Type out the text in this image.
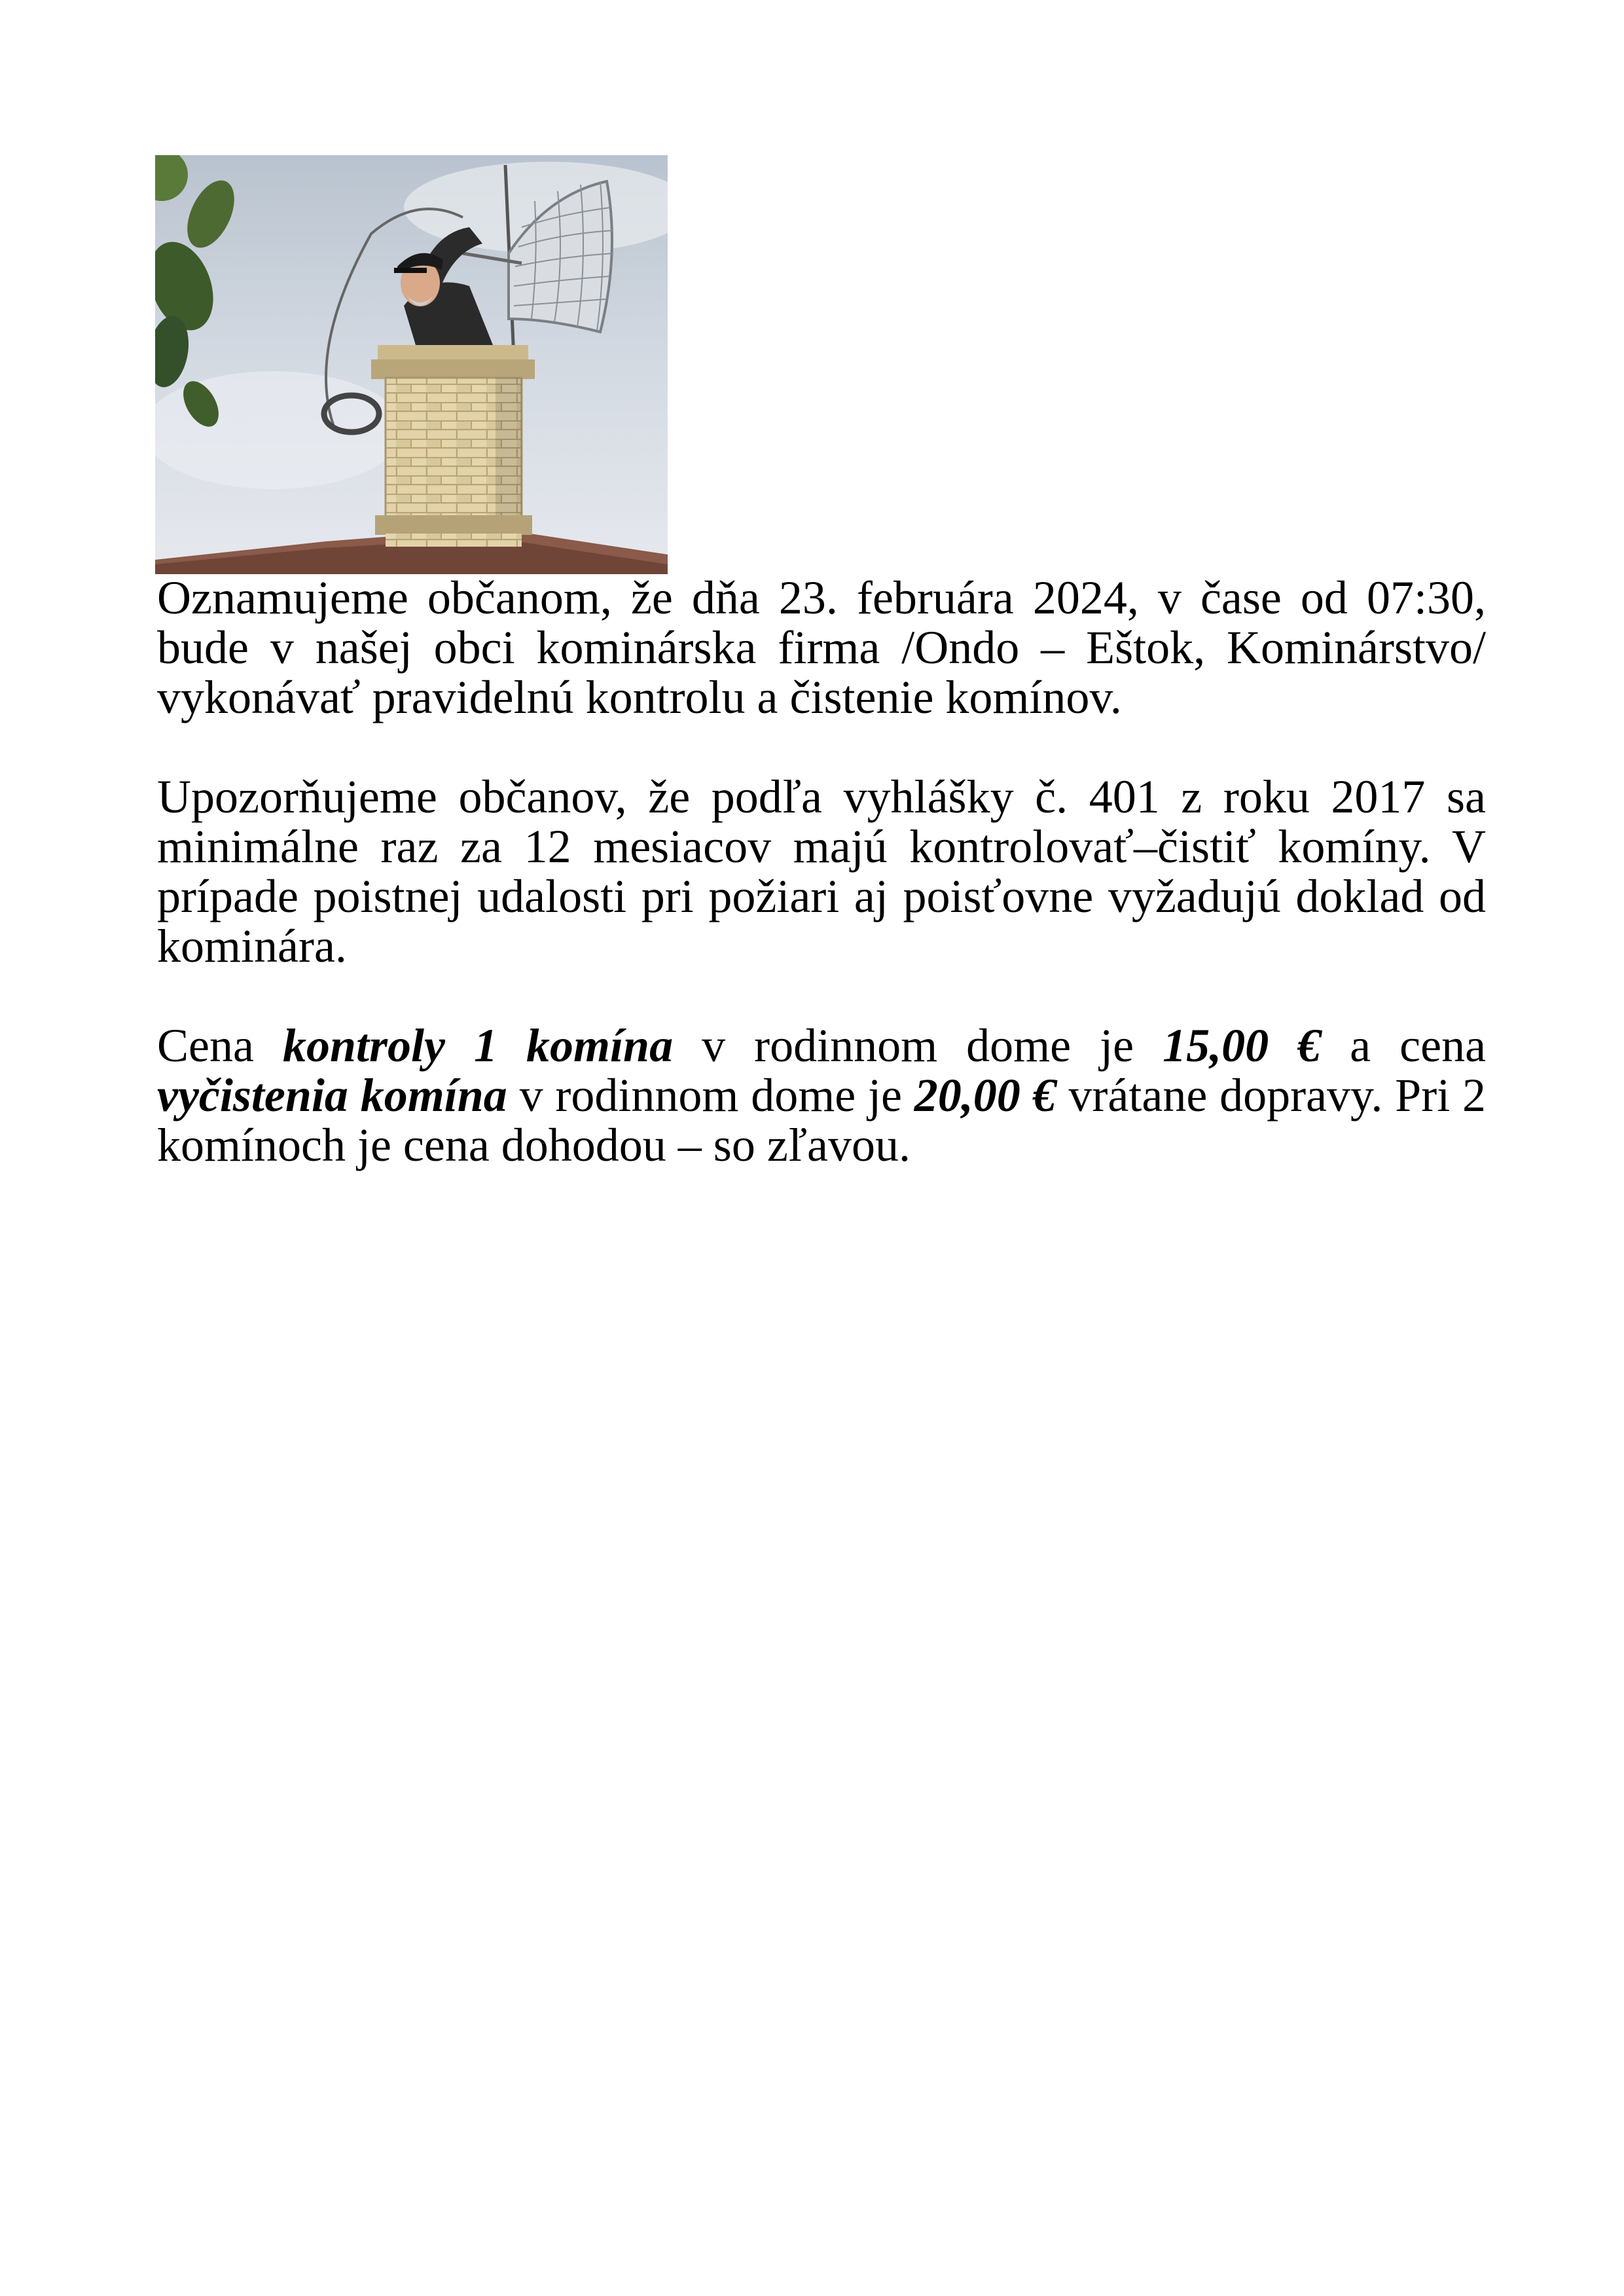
Oznamujeme občanom, že dňa 23. februára 2024, v čase od 07:30, bude v našej obci kominárska firma /Ondo – Eštok, Kominárstvo/ vykonávať pravidelnú kontrolu a čistenie komínov.

Upozorňujeme občanov, že podľa vyhlášky č. 401 z roku 2017 sa minimálne raz za 12 mesiacov majú kontrolovať–čistiť komíny. V prípade poistnej udalosti pri požiari aj poisťovne vyžadujú doklad od kominára.

Cena kontroly 1 komína v rodinnom dome je 15,00 € a cena vyčistenia komína v rodinnom dome je 20,00 € vrátane dopravy. Pri 2 komínoch je cena dohodou – so zľavou.
